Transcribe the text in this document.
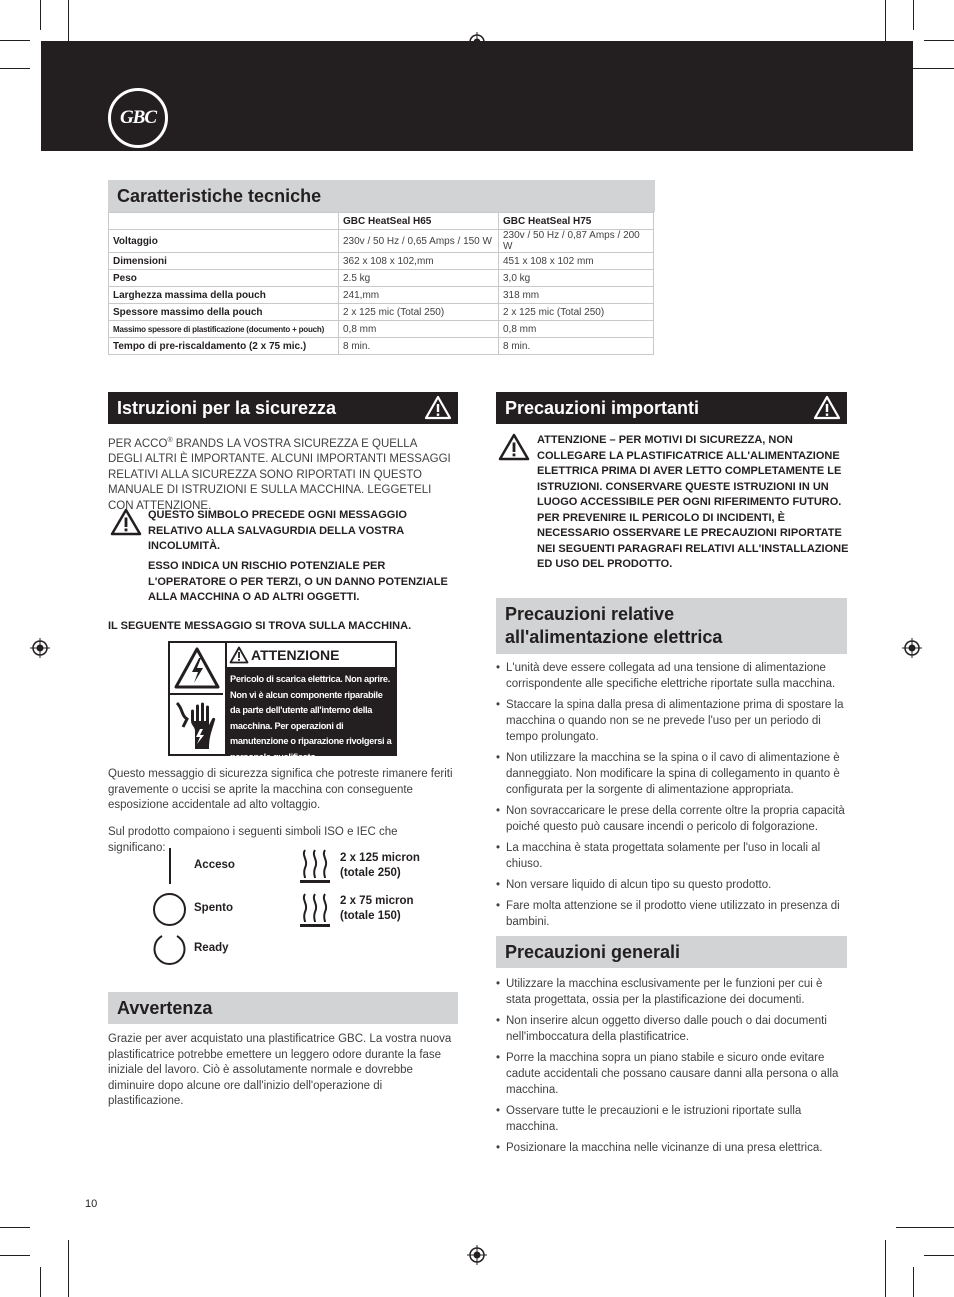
GBC
Caratteristiche tecniche
	GBC HeatSeal H65	GBC HeatSeal H75
Voltaggio	230v / 50 Hz / 0,65 Amps / 150 W	230v / 50 Hz / 0,87 Amps / 200 W
Dimensioni	362 x 108 x 102,mm	451 x 108 x 102 mm
Peso	2.5 kg	3,0 kg
Larghezza massima della pouch	241,mm	318 mm
Spessore massimo della pouch	2 x 125 mic (Total 250)	2 x 125 mic (Total 250)
Massimo spessore di plastificazione (documento + pouch)	0,8 mm	0,8 mm
Tempo di pre-riscaldamento (2 x 75 mic.)	8 min.	8 min.
Istruzioni per la sicurezza
PER ACCO® BRANDS LA VOSTRA SICUREZZA E QUELLA DEGLI ALTRI È IMPORTANTE. ALCUNI IMPORTANTI MESSAGGI RELATIVI ALLA SICUREZZA SONO RIPORTATI IN QUESTO MANUALE DI ISTRUZIONI E SULLA MACCHINA. LEGGETELI CON ATTENZIONE.
QUESTO SIMBOLO PRECEDE OGNI MESSAGGIO RELATIVO ALLA SALVAGURDIA DELLA VOSTRA INCOLUMITÀ.
ESSO INDICA UN RISCHIO POTENZIALE PER L'OPERATORE O PER TERZI, O UN DANNO POTENZIALE ALLA MACCHINA O AD ALTRI OGGETTI.
IL SEGUENTE MESSAGGIO SI TROVA SULLA MACCHINA.
ATTENZIONE
Pericolo di scarica elettrica. Non aprire. Non vi è alcun componente riparabile da parte dell'utente all'interno della macchina. Per operazioni di manutenzione o riparazione rivolgersi a personale qualificato.
Questo messaggio di sicurezza significa che potreste rimanere feriti gravemente o uccisi se aprite la macchina con conseguente esposizione accidentale ad alto voltaggio.
Sul prodotto compaiono i seguenti simboli ISO e IEC che significano:
Acceso
Spento
Ready
2 x 125 micron
(totale 250)
2 x 75 micron
(totale 150)
Avvertenza
Grazie per aver acquistato una plastificatrice GBC. La vostra nuova plastificatrice potrebbe emettere un leggero odore durante la fase iniziale del lavoro. Ciò è assolutamente normale e dovrebbe diminuire dopo alcune ore dall'inizio dell'operazione di plastificazione.
Precauzioni importanti
ATTENZIONE – PER MOTIVI DI SICUREZZA, NON COLLEGARE LA PLASTIFICATRICE ALL'ALIMENTAZIONE ELETTRICA PRIMA DI AVER LETTO COMPLETAMENTE LE ISTRUZIONI. CONSERVARE QUESTE ISTRUZIONI IN UN LUOGO ACCESSIBILE PER OGNI RIFERIMENTO FUTURO. PER PREVENIRE IL PERICOLO DI INCIDENTI, È NECESSARIO OSSERVARE LE PRECAUZIONI RIPORTATE NEI SEGUENTI PARAGRAFI RELATIVI ALL'INSTALLAZIONE ED USO DEL PRODOTTO.
Precauzioni relative
all'alimentazione elettrica
• L'unità deve essere collegata ad una tensione di alimentazione corrispondente alle specifiche elettriche riportate sulla macchina.
• Staccare la spina dalla presa di alimentazione prima di spostare la macchina o quando non se ne prevede l'uso per un periodo di tempo prolungato.
• Non utilizzare la macchina se la spina o il cavo di alimentazione è danneggiato. Non modificare la spina di collegamento in quanto è configurata per la sorgente di alimentazione appropriata.
• Non sovraccaricare le prese della corrente oltre la propria capacità poiché questo può causare incendi o pericolo di folgorazione.
• La macchina è stata progettata solamente per l'uso in locali al chiuso.
• Non versare liquido di alcun tipo su questo prodotto.
• Fare molta attenzione se il prodotto viene utilizzato in presenza di bambini.
Precauzioni generali
• Utilizzare la macchina esclusivamente per le funzioni per cui è stata progettata, ossia per la plastificazione dei documenti.
• Non inserire alcun oggetto diverso dalle pouch o dai documenti nell'imboccatura della plastificatrice.
• Porre la macchina sopra un piano stabile e sicuro onde evitare cadute accidentali che possano causare danni alla persona o alla macchina.
• Osservare tutte le precauzioni e le istruzioni riportate sulla macchina.
• Posizionare la macchina nelle vicinanze di una presa elettrica.
10
